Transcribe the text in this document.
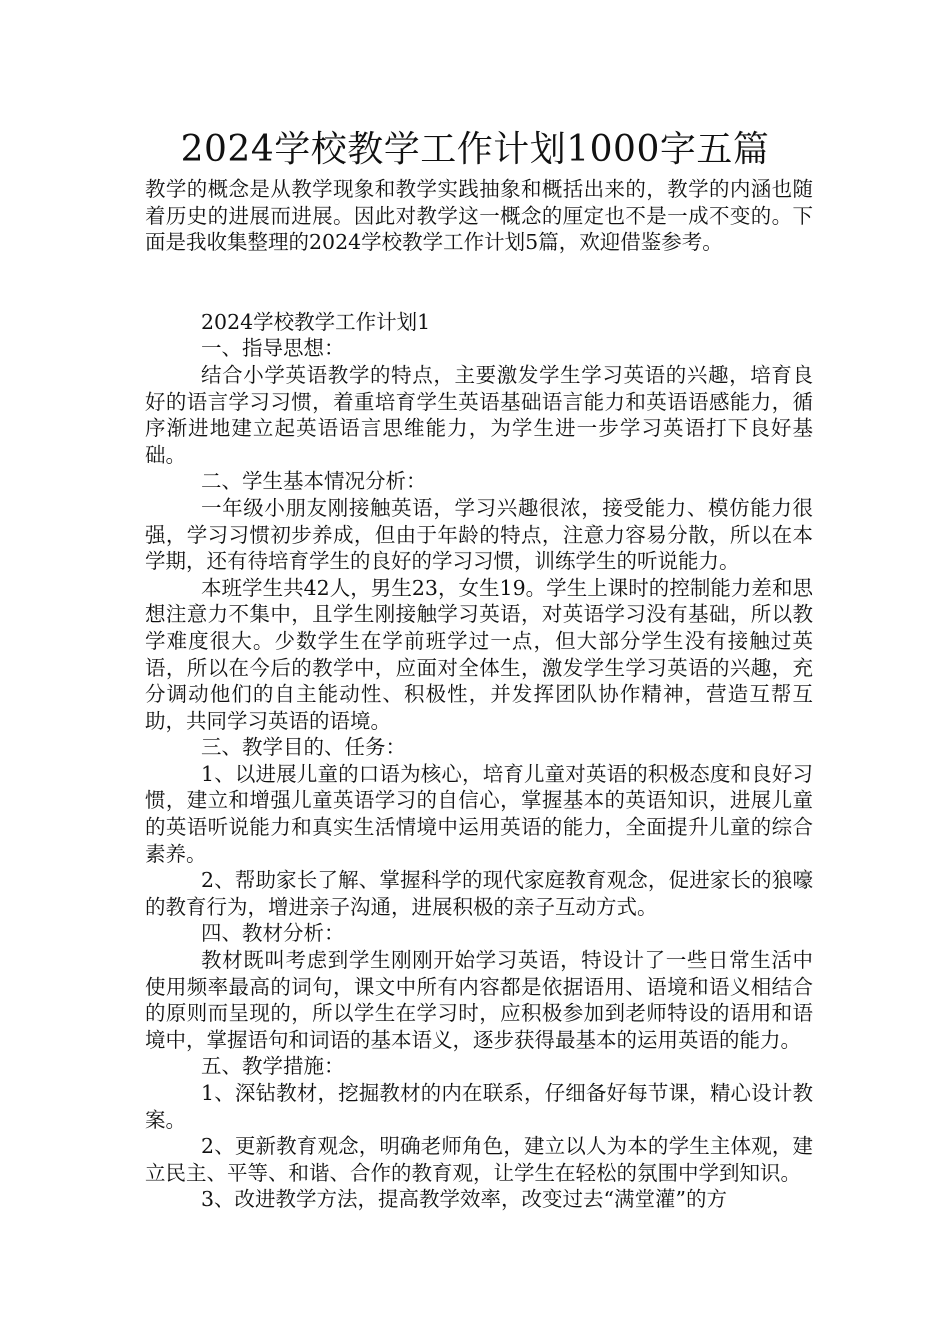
2024学校教学工作计划1000字五篇

教学的概念是从教学现象和教学实践抽象和概括出来的，教学的内涵也随着历史的进展而进展。因此对教学这一概念的厘定也不是一成不变的。下面是我收集整理的2024学校教学工作计划5篇，欢迎借鉴参考。

2024学校教学工作计划1

一、指导思想：

结合小学英语教学的特点，主要激发学生学习英语的兴趣，培育良好的语言学习习惯，着重培育学生英语基础语言能力和英语语感能力，循序渐进地建立起英语语言思维能力，为学生进一步学习英语打下良好基础。

二、学生基本情况分析：

一年级小朋友刚接触英语，学习兴趣很浓，接受能力、模仿能力很强，学习习惯初步养成，但由于年龄的特点，注意力容易分散，所以在本学期，还有待培育学生的良好的学习习惯，训练学生的听说能力。

本班学生共42人，男生23，女生19。学生上课时的控制能力差和思想注意力不集中，且学生刚接触学习英语，对英语学习没有基础，所以教学难度很大。少数学生在学前班学过一点，但大部分学生没有接触过英语，所以在今后的教学中，应面对全体生，激发学生学习英语的兴趣，充分调动他们的自主能动性、积极性，并发挥团队协作精神，营造互帮互助，共同学习英语的语境。

三、教学目的、任务：

1、以进展儿童的口语为核心，培育儿童对英语的积极态度和良好习惯，建立和增强儿童英语学习的自信心，掌握基本的英语知识，进展儿童的英语听说能力和真实生活情境中运用英语的能力，全面提升儿童的综合素养。

2、帮助家长了解、掌握科学的现代家庭教育观念，促进家长的狼嚎的教育行为，增进亲子沟通，进展积极的亲子互动方式。

四、教材分析：

教材既叫考虑到学生刚刚开始学习英语，特设计了一些日常生活中使用频率最高的词句，课文中所有内容都是依据语用、语境和语义相结合的原则而呈现的，所以学生在学习时，应积极参加到老师特设的语用和语境中，掌握语句和词语的基本语义，逐步获得最基本的运用英语的能力。

五、教学措施：

1、深钻教材，挖掘教材的内在联系，仔细备好每节课，精心设计教案。

2、更新教育观念，明确老师角色，建立以人为本的学生主体观，建立民主、平等、和谐、合作的教育观，让学生在轻松的氛围中学到知识。

3、改进教学方法，提高教学效率，改变过去“满堂灌”的方
